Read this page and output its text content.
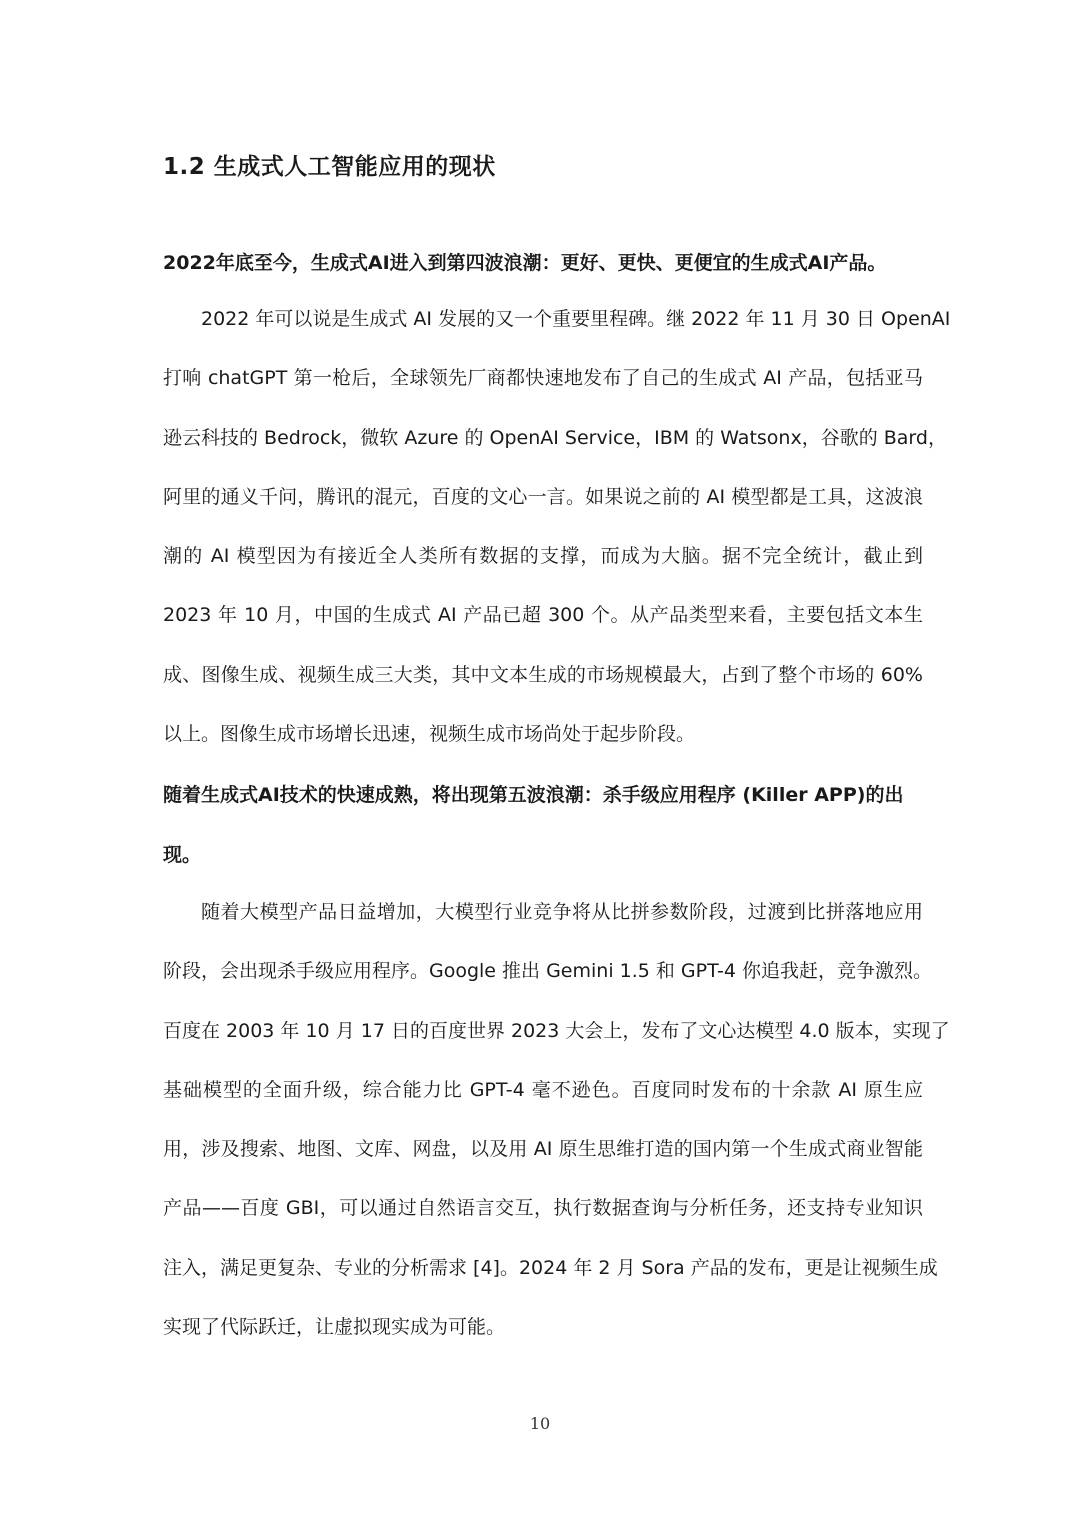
1.2 生成式人工智能应用的现状

2022年底至今，生成式AI进入到第四波浪潮：更好、更快、更便宜的生成式AI产品。

2022 年可以说是生成式 AI 发展的又一个重要里程碑。继 2022 年 11 月 30 日 OpenAI
打响 chatGPT 第一枪后，全球领先厂商都快速地发布了自己的生成式 AI 产品，包括亚马
逊云科技的 Bedrock，微软 Azure 的 OpenAI Service，IBM 的 Watsonx，谷歌的 Bard，
阿里的通义千问，腾讯的混元，百度的文心一言。如果说之前的 AI 模型都是工具，这波浪
潮的 AI 模型因为有接近全人类所有数据的支撑，而成为大脑。据不完全统计，截止到
2023 年 10 月，中国的生成式 AI 产品已超 300 个。从产品类型来看，主要包括文本生
成、图像生成、视频生成三大类，其中文本生成的市场规模最大，占到了整个市场的 60%
以上。图像生成市场增长迅速，视频生成市场尚处于起步阶段。

随着生成式AI技术的快速成熟，将出现第五波浪潮：杀手级应用程序 (Killer APP)的出现。

随着大模型产品日益增加，大模型行业竞争将从比拼参数阶段，过渡到比拼落地应用
阶段，会出现杀手级应用程序。Google 推出 Gemini 1.5 和 GPT-4 你追我赶，竞争激烈。
百度在 2003 年 10 月 17 日的百度世界 2023 大会上，发布了文心达模型 4.0 版本，实现了
基础模型的全面升级，综合能力比 GPT-4 毫不逊色。百度同时发布的十余款 AI 原生应
用，涉及搜索、地图、文库、网盘，以及用 AI 原生思维打造的国内第一个生成式商业智能
产品——百度 GBI，可以通过自然语言交互，执行数据查询与分析任务，还支持专业知识
注入，满足更复杂、专业的分析需求 [4]。2024 年 2 月 Sora 产品的发布，更是让视频生成
实现了代际跃迁，让虚拟现实成为可能。
10
